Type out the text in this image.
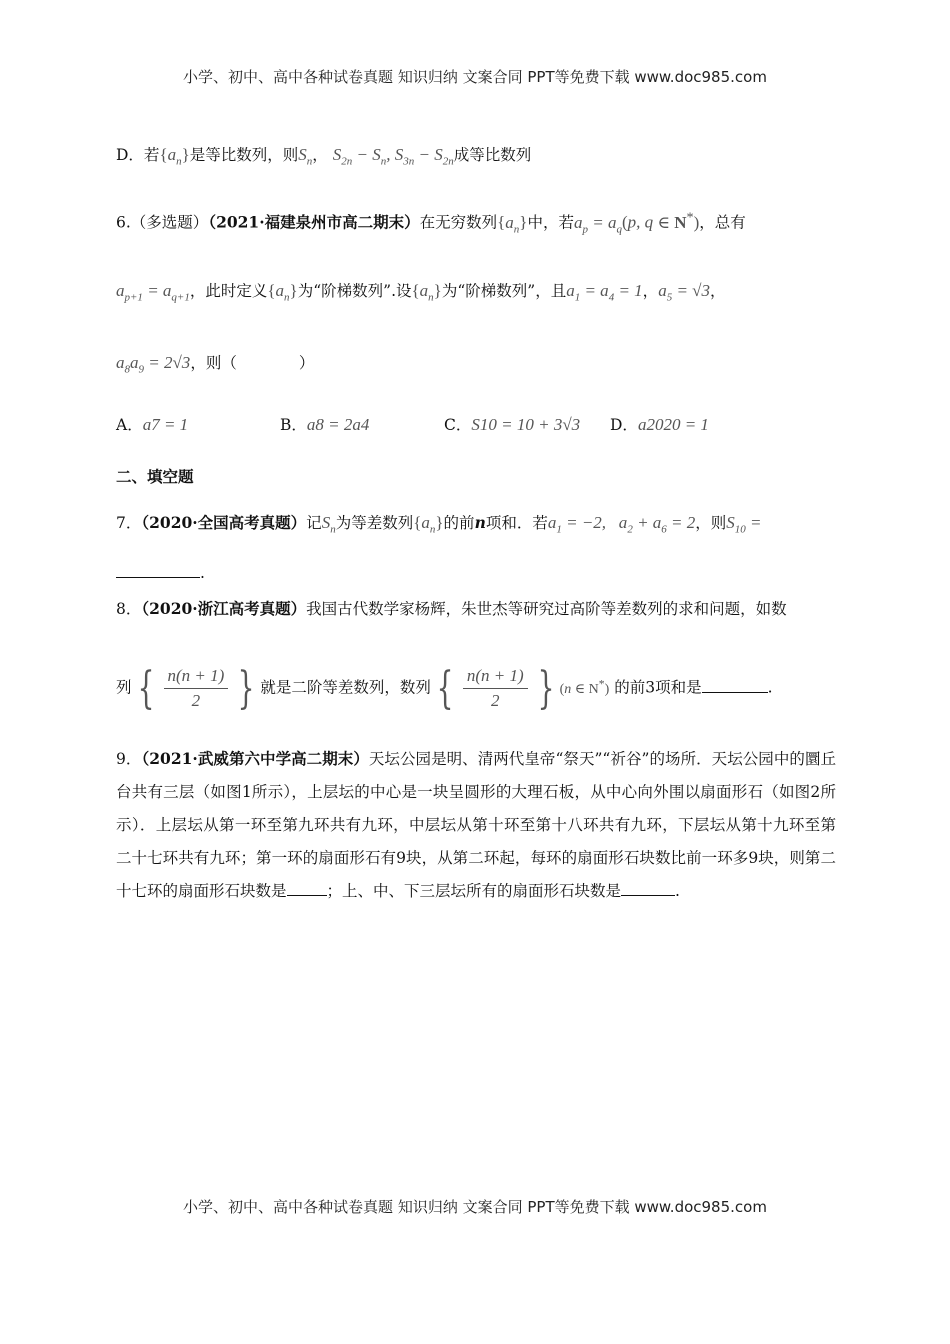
小学、初中、高中各种试卷真题 知识归纳 文案合同 PPT等免费下载 www.doc985.com
D．若$\{a_n\}$是等比数列，则$S_n$， $S_{2n} - S_n$, $S_{3n} - S_{2n}$成等比数列
6.（多选题）（2021·福建泉州市高二期末）在无穷数列$\{a_n\}$中，若$a_p = a_q(p$, q ∈ N*)，总有
$a_{p+1} = a_{q+1}$，此时定义$\{a_n\}$为“阶梯数列”.设$\{a_n\}$为“阶梯数列”，且$a_1 = a_4 = 1$，$a_5 = √3$，
$a_8a_9 = 2√3$，则（	）
A．a7 = 1	B．a8 = 2a4	C．S10 = 10 + 3√3 D．a2020 = 1
二、填空题
7．（2020·全国高考真题）记$S_n$为等差数列$\{a_n\}$的前n项和．若$a_1 = -2$,   $a_2 + a_6 = 2$，则$S_{10}$ =
.
8．（2020·浙江高考真题）我国古代数学家杨辉，朱世杰等研究过高阶等差数列的求和问题，如数
列 { $\frac{n(n + 1)}{2}$ } 就是二阶等差数列，数列 { $\frac{n(n + 1)}{2}$ } (n ∈ N*) 的前3项和是	.
9．（2021·武威第六中学高二期末）天坛公园是明、清两代皇帝“祭天”“祈谷”的场所．天坛公园中的圜丘台共有三层（如图1所示），上层坛的中心是一块呈圆形的大理石板，从中心向外围以扇面形石（如图2所示）．上层坛从第一环至第九环共有九环，中层坛从第十环至第十八环共有九环，下层坛从第十九环至第二十七环共有九环；第一环的扇面形石有9块，从第二环起，每环的扇面形石块数比前一环多9块，则第二十七环的扇面形石块数是	；上、中、下三层坛所有的扇面形石块数是	.
小学、初中、高中各种试卷真题 知识归纳 文案合同 PPT等免费下载 www.doc985.com
